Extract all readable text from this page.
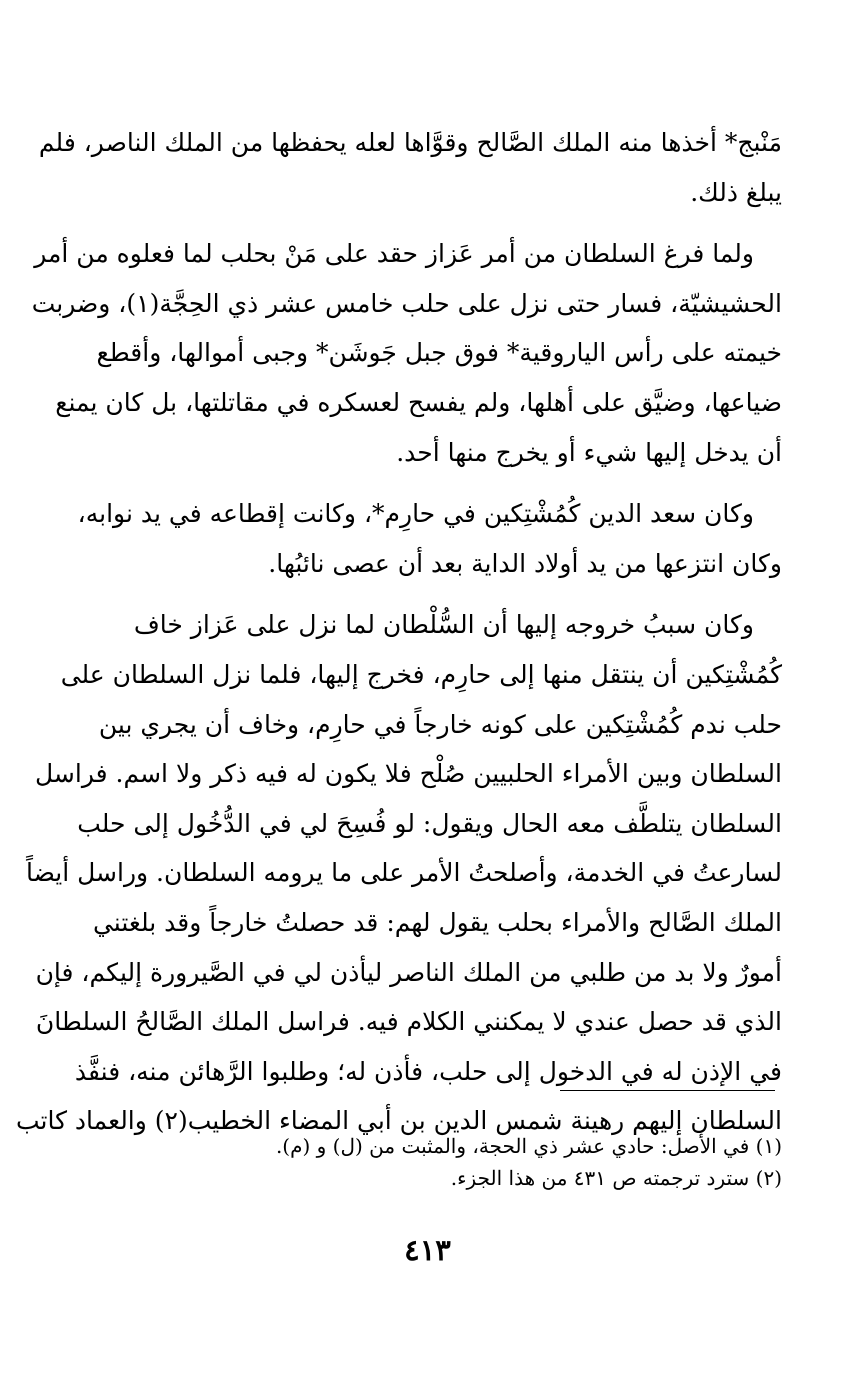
مَنْبج* أخذها منه الملك الصَّالح وقوَّاها لعله يحفظها من الملك الناصر، فلم
يبلغ ذلك.

ولما فرغ السلطان من أمر عَزاز حقد على مَنْ بحلب لما فعلوه من أمر
الحشيشيّة، فسار حتى نزل على حلب خامس عشر ذي الحِجَّة(١)، وضربت
خيمته على رأس الياروقية* فوق جبل جَوشَن* وجبى أموالها، وأقطع
ضياعها، وضيَّق على أهلها، ولم يفسح لعسكره في مقاتلتها، بل كان يمنع
أن يدخل إليها شيء أو يخرج منها أحد.

وكان سعد الدين كُمُشْتِكين في حارِم*، وكانت إقطاعه في يد نوابه،
وكان انتزعها من يد أولاد الداية بعد أن عصى نائبُها.

وكان سببُ خروجه إليها أن السُّلْطان لما نزل على عَزاز خاف
كُمُشْتِكين أن ينتقل منها إلى حارِم، فخرج إليها، فلما نزل السلطان على
حلب ندم كُمُشْتِكين على كونه خارجاً في حارِم، وخاف أن يجري بين
السلطان وبين الأمراء الحلبيين صُلْح فلا يكون له فيه ذكر ولا اسم. فراسل
السلطان يتلطَّف معه الحال ويقول: لو فُسِحَ لي في الدُّخُول إلى حلب
لسارعتُ في الخدمة، وأصلحتُ الأمر على ما يرومه السلطان. وراسل أيضاً
الملك الصَّالح والأمراء بحلب يقول لهم: قد حصلتُ خارجاً وقد بلغتني
أمورٌ ولا بد من طلبي من الملك الناصر ليأذن لي في الصَّيرورة إليكم، فإن
الذي قد حصل عندي لا يمكنني الكلام فيه. فراسل الملك الصَّالحُ السلطانَ
في الإذن له في الدخول إلى حلب، فأذن له؛ وطلبوا الرَّهائن منه، فنفَّذ
السلطان إليهم رهينة شمس الدين بن أبي المضاء الخطيب(٢) والعماد كاتب

(١) في الأصل: حادي عشر ذي الحجة، والمثبت من (ل) و (م).
(٢) سترد ترجمته ص ٤٣١ من هذا الجزء.
٤١٣
